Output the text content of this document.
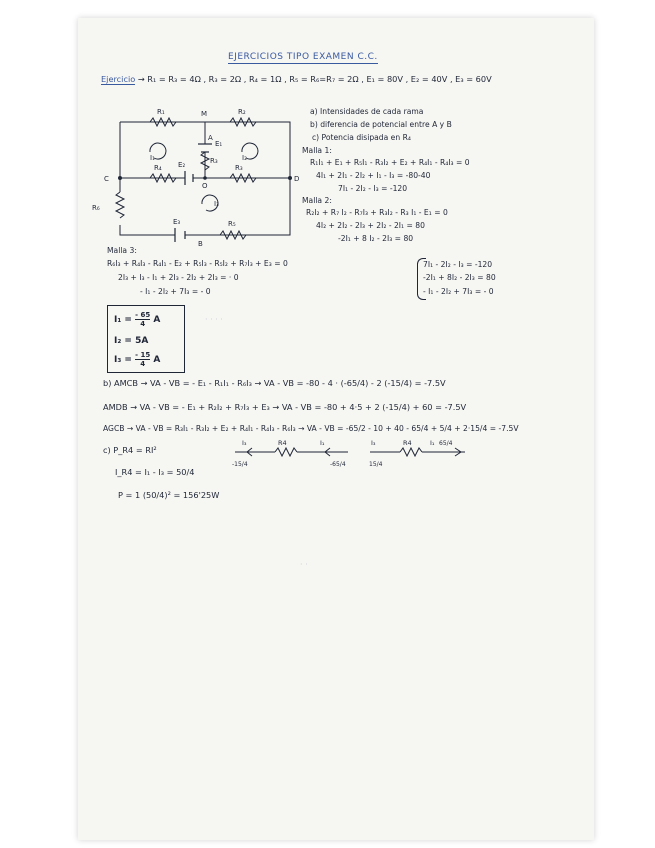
· · · ·
· ·
EJERCICIOS TIPO EXAMEN C.C.
Ejercicio → R₁ = R₃ = 4Ω , R₃ = 2Ω , R₄ = 1Ω , R₅ = R₆=R₇ = 2Ω , E₁ = 80V , E₂ = 40V , E₃ = 60V
R₁	R₂
R₄	R₃
R₃
R₅
R₆
E₁
E₂
E₃
I₁	I₂
I₃
M
A
B
C	D
O
a) Intensidades de cada rama
b) diferencia de potencial entre A y B
c) Potencia disipada en R₄
Malla 1:
R₁I₁ + E₁ + R₅I₁ - R₃I₂ + E₂ + R₄I₁ - R₄I₃ = 0
4I₁ + 2I₁ - 2I₂ + I₁ - I₃ = -80-40
7I₁ - 2I₂ - I₃ = -120
Malla 2:
R₂I₂ + R₇ I₂ - R₇I₃ + R₃I₂ - R₃ I₁ - E₁ = 0
4I₂ + 2I₂ - 2I₃ + 2I₂ - 2I₁ = 80
-2I₁ + 8 I₂ - 2I₃ = 80
Malla 3:
R₆I₃ + R₄I₃ - R₄I₁ - E₂ + R₅I₃ - R₅I₂ + R₇I₃ + E₃ = 0
2I₃ + I₃ - I₁ + 2I₃ - 2I₂ + 2I₃ = · 0
- I₁ - 2I₂ + 7I₃ = - 0
7I₁ - 2I₂ - I₃ = -120
-2I₁ + 8I₂ - 2I₃ = 80
- I₁ - 2I₂ + 7I₃ = - 0
$I_1 = \frac{- 65}{4}$ A
I₂ = 5A
$I_3 = \frac{- 15}{4}$ A
b) AMCB → VA - VB = - E₁ - R₁I₁ - R₆I₃ → VA - VB = -80 - 4 · (-65/4) - 2 (-15/4) = -7.5V
AMDB → VA - VB = - E₁ + R₂I₂ + R₇I₃ + E₃ → VA - VB = -80 + 4·5 + 2 (-15/4) + 60 = -7.5V
AGCB → VA - VB = R₃I₁ - R₃I₂ + E₂ + R₄I₁ - R₄I₃ - R₆I₃ → VA - VB = -65/2 - 10 + 40 - 65/4 + 5/4 + 2·15/4 = -7.5V
c) P_R4 = RI²
I₃	R4	I₁
-15/4	-65/4
I₃	R4	I₁
15/4
65/4
I_R4 = I₁ - I₃ = 50/4
P = 1 (50/4)² = 156'25W
